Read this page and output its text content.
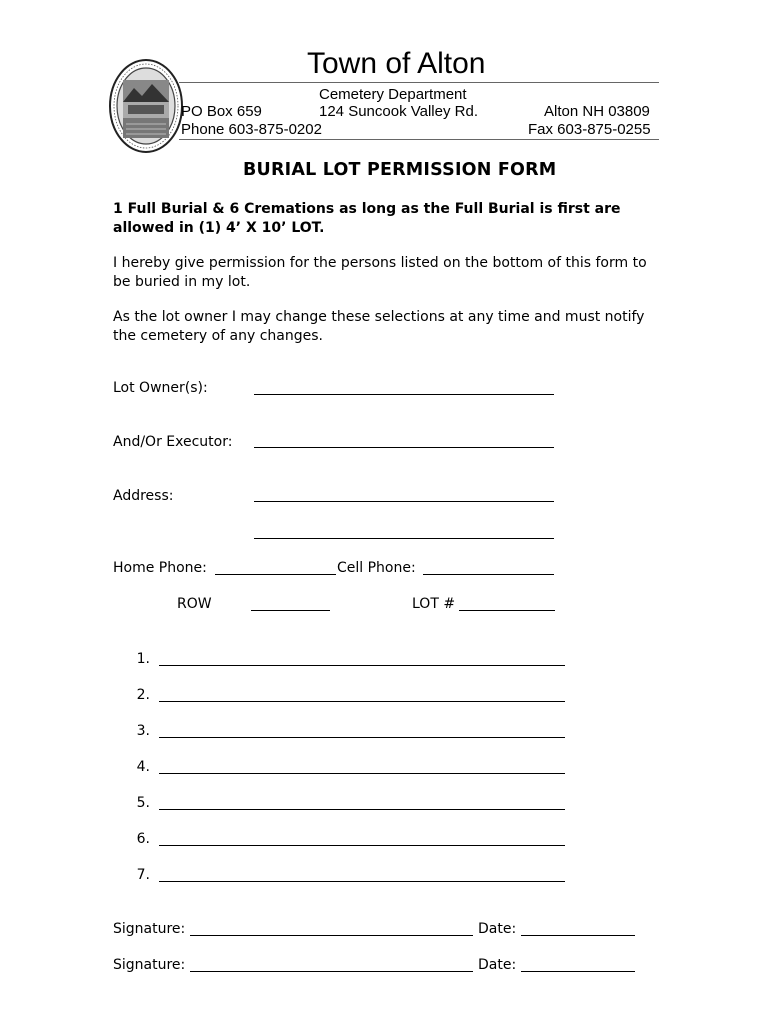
Town of Alton
Cemetery Department
PO Box 659	124 Suncook Valley Rd.	Alton NH 03809
Phone 603-875-0202	Fax 603-875-0255
BURIAL LOT PERMISSION FORM
1 Full Burial & 6 Cremations as long as the Full Burial is first are allowed in (1) 4’ X 10’ LOT.
I hereby give permission for the persons listed on the bottom of this form to be buried in my lot.
As the lot owner I may change these selections at any time and must notify the cemetery of any changes.
Lot Owner(s):
And/Or Executor:
Address:
Home Phone:	Cell Phone:
ROW	LOT #
1.
2.
3.
4.
5.
6.
7.
Signature:	Date:
Signature:	Date:
